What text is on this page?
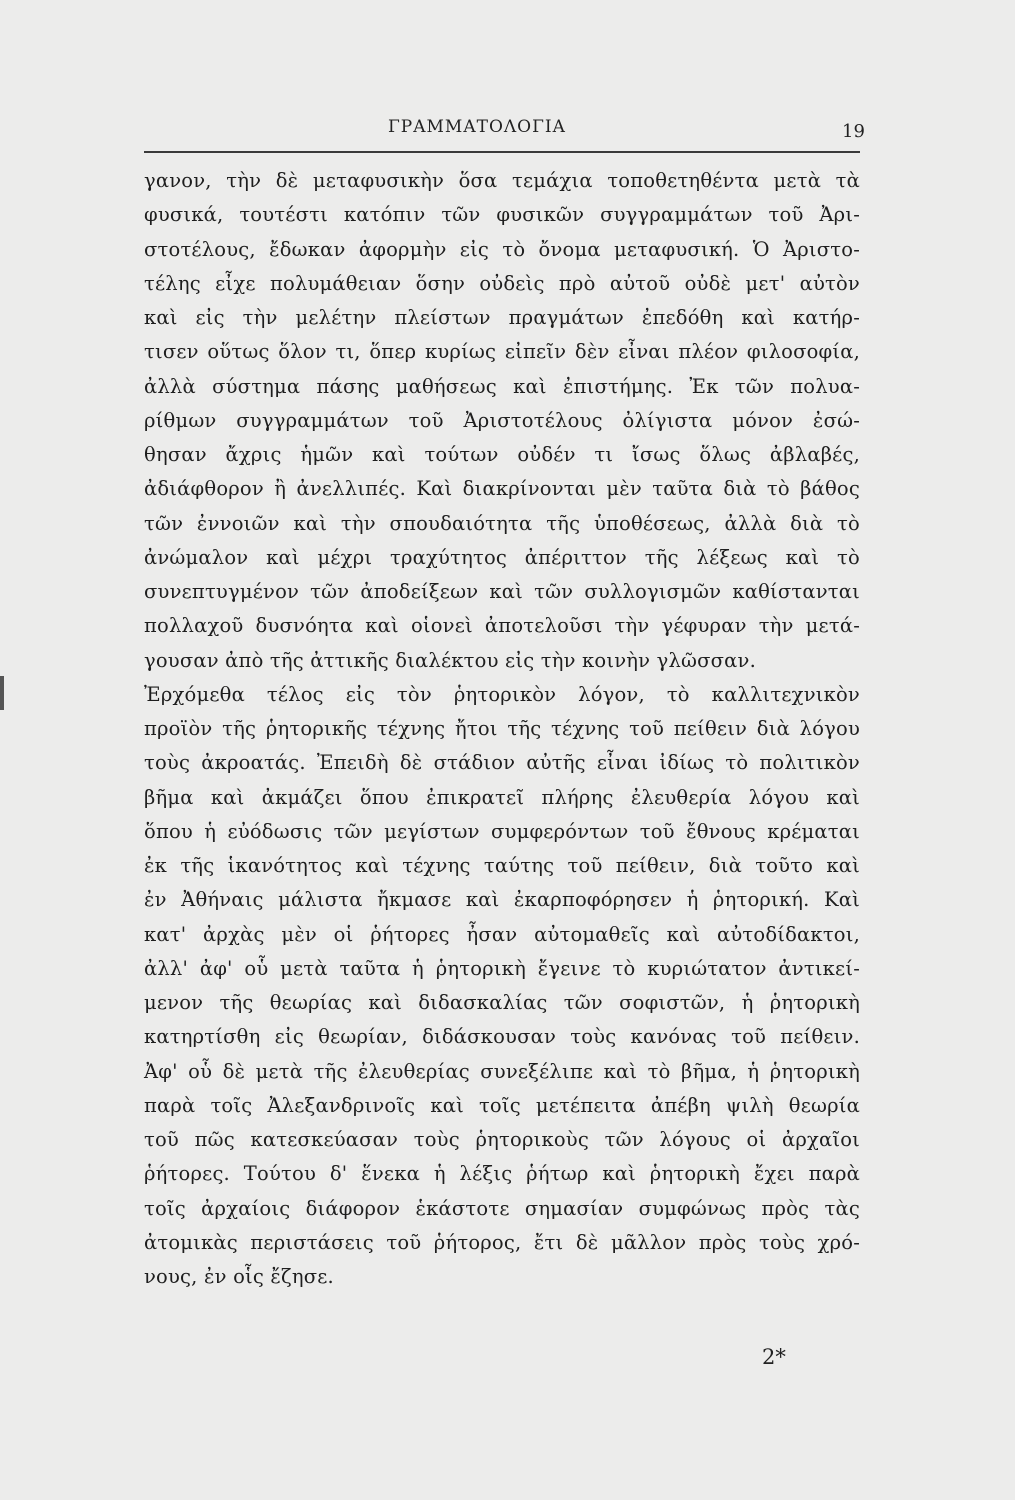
ΓΡΑΜΜΑΤΟΛΟΓΙΑ	19
γανον, τὴν δὲ μεταφυσικὴν ὅσα τεμάχια τοποθετηθέντα μετὰ τὰ
φυσικά, τουτέστι κατόπιν τῶν φυσικῶν συγγραμμάτων τοῦ Ἀρι-
στοτέλους, ἔδωκαν ἀφορμὴν εἰς τὸ ὄνομα μεταφυσική. Ὁ Ἀριστο-
τέλης εἶχε πολυμάθειαν ὅσην οὐδεὶς πρὸ αὐτοῦ οὐδὲ μετ' αὐτὸν
καὶ εἰς τὴν μελέτην πλείστων πραγμάτων ἐπεδόθη καὶ κατήρ-
τισεν οὕτως ὅλον τι, ὅπερ κυρίως εἰπεῖν δὲν εἶναι πλέον φιλοσοφία,
ἀλλὰ σύστημα πάσης μαθήσεως καὶ ἐπιστήμης. Ἐκ τῶν πολυα-
ρίθμων συγγραμμάτων τοῦ Ἀριστοτέλους ὀλίγιστα μόνον ἐσώ-
θησαν ἄχρις ἡμῶν καὶ τούτων οὐδέν τι ἴσως ὅλως ἀβλαβές,
ἀδιάφθορον ἢ ἀνελλιπές. Καὶ διακρίνονται μὲν ταῦτα διὰ τὸ βάθος
τῶν ἐννοιῶν καὶ τὴν σπουδαιότητα τῆς ὑποθέσεως, ἀλλὰ διὰ τὸ
ἀνώμαλον καὶ μέχρι τραχύτητος ἀπέριττον τῆς λέξεως καὶ τὸ
συνεπτυγμένον τῶν ἀποδείξεων καὶ τῶν συλλογισμῶν καθίστανται
πολλαχοῦ δυσνόητα καὶ οἱονεὶ ἀποτελοῦσι τὴν γέφυραν τὴν μετά-
γουσαν ἀπὸ τῆς ἀττικῆς διαλέκτου εἰς τὴν κοινὴν γλῶσσαν.
Ἐρχόμεθα τέλος εἰς τὸν ῥητορικὸν λόγον, τὸ καλλιτεχνικὸν
προϊὸν τῆς ῥητορικῆς τέχνης ἤτοι τῆς τέχνης τοῦ πείθειν διὰ λόγου
τοὺς ἀκροατάς. Ἐπειδὴ δὲ στάδιον αὐτῆς εἶναι ἰδίως τὸ πολιτικὸν
βῆμα καὶ ἀκμάζει ὅπου ἐπικρατεῖ πλήρης ἐλευθερία λόγου καὶ
ὅπου ἡ εὐόδωσις τῶν μεγίστων συμφερόντων τοῦ ἔθνους κρέμαται
ἐκ τῆς ἱκανότητος καὶ τέχνης ταύτης τοῦ πείθειν, διὰ τοῦτο καὶ
ἐν Ἀθήναις μάλιστα ἤκμασε καὶ ἐκαρποφόρησεν ἡ ῥητορική. Καὶ
κατ' ἀρχὰς μὲν οἱ ῥήτορες ἦσαν αὐτομαθεῖς καὶ αὐτοδίδακτοι,
ἀλλ' ἀφ' οὗ μετὰ ταῦτα ἡ ῥητορικὴ ἔγεινε τὸ κυριώτατον ἀντικεί-
μενον τῆς θεωρίας καὶ διδασκαλίας τῶν σοφιστῶν, ἡ ῥητορικὴ
κατηρτίσθη εἰς θεωρίαν, διδάσκουσαν τοὺς κανόνας τοῦ πείθειν.
Ἀφ' οὗ δὲ μετὰ τῆς ἐλευθερίας συνεξέλιπε καὶ τὸ βῆμα, ἡ ῥητορικὴ
παρὰ τοῖς Ἀλεξανδρινοῖς καὶ τοῖς μετέπειτα ἀπέβη ψιλὴ θεωρία
τοῦ πῶς κατεσκεύασαν τοὺς ῥητορικοὺς τῶν λόγους οἱ ἀρχαῖοι
ῥήτορες. Τούτου δ' ἕνεκα ἡ λέξις ῥήτωρ καὶ ῥητορικὴ ἔχει παρὰ
τοῖς ἀρχαίοις διάφορον ἑκάστοτε σημασίαν συμφώνως πρὸς τὰς
ἀτομικὰς περιστάσεις τοῦ ῥήτορος, ἔτι δὲ μᾶλλον πρὸς τοὺς χρό-
νους, ἐν οἷς ἔζησε.
2*
